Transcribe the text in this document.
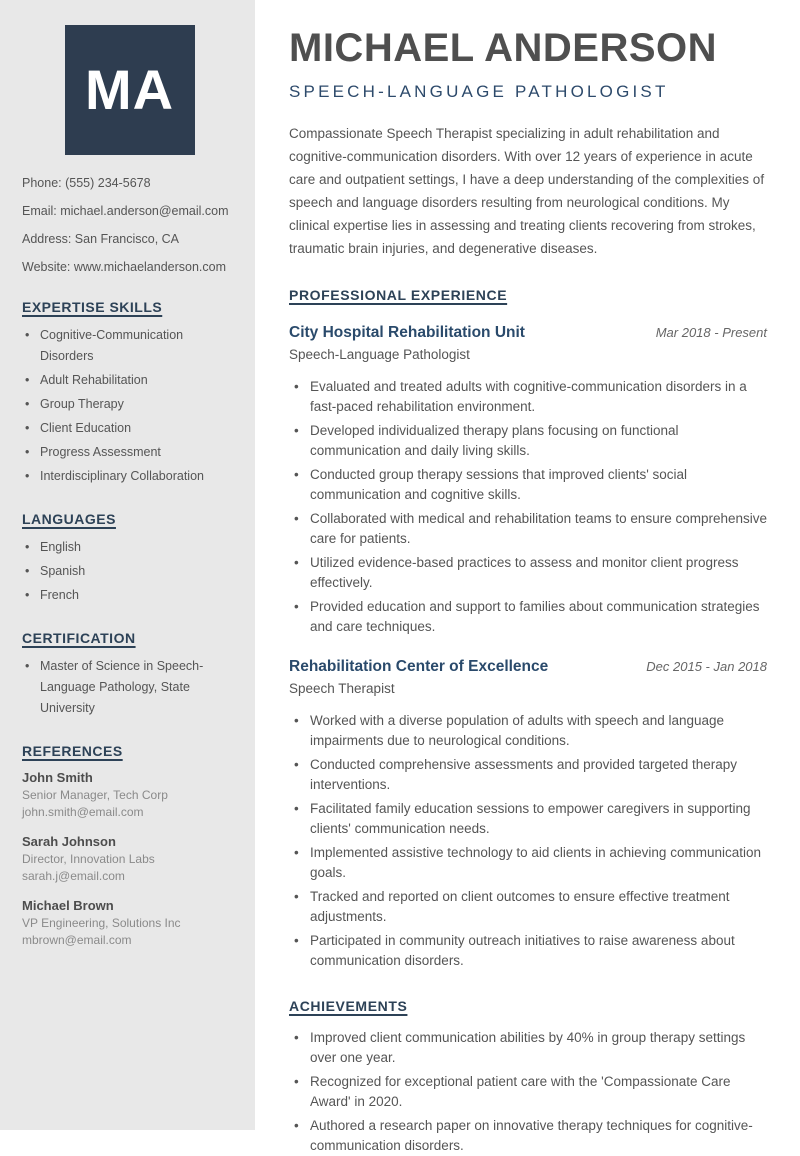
MA
Phone: (555) 234-5678
Email: michael.anderson@email.com
Address: San Francisco, CA
Website: www.michaelanderson.com
EXPERTISE SKILLS
• Cognitive-Communication Disorders
• Adult Rehabilitation
• Group Therapy
• Client Education
• Progress Assessment
• Interdisciplinary Collaboration
LANGUAGES
• English
• Spanish
• French
CERTIFICATION
• Master of Science in Speech-Language Pathology, State University
REFERENCES
John Smith
Senior Manager, Tech Corp
john.smith@email.com
Sarah Johnson
Director, Innovation Labs
sarah.j@email.com
Michael Brown
VP Engineering, Solutions Inc
mbrown@email.com
MICHAEL ANDERSON
SPEECH-LANGUAGE PATHOLOGIST

Compassionate Speech Therapist specializing in adult rehabilitation and cognitive-communication disorders. With over 12 years of experience in acute care and outpatient settings, I have a deep understanding of the complexities of speech and language disorders resulting from neurological conditions. My clinical expertise lies in assessing and treating clients recovering from strokes, traumatic brain injuries, and degenerative diseases.

PROFESSIONAL EXPERIENCE
City Hospital Rehabilitation Unit	Mar 2018 - Present
Speech-Language Pathologist
• Evaluated and treated adults with cognitive-communication disorders in a fast-paced rehabilitation environment.
• Developed individualized therapy plans focusing on functional communication and daily living skills.
• Conducted group therapy sessions that improved clients' social communication and cognitive skills.
• Collaborated with medical and rehabilitation teams to ensure comprehensive care for patients.
• Utilized evidence-based practices to assess and monitor client progress effectively.
• Provided education and support to families about communication strategies and care techniques.
Rehabilitation Center of Excellence	Dec 2015 - Jan 2018
Speech Therapist
• Worked with a diverse population of adults with speech and language impairments due to neurological conditions.
• Conducted comprehensive assessments and provided targeted therapy interventions.
• Facilitated family education sessions to empower caregivers in supporting clients' communication needs.
• Implemented assistive technology to aid clients in achieving communication goals.
• Tracked and reported on client outcomes to ensure effective treatment adjustments.
• Participated in community outreach initiatives to raise awareness about communication disorders.
ACHIEVEMENTS
• Improved client communication abilities by 40% in group therapy settings over one year.
• Recognized for exceptional patient care with the 'Compassionate Care Award' in 2020.
• Authored a research paper on innovative therapy techniques for cognitive-communication disorders.
